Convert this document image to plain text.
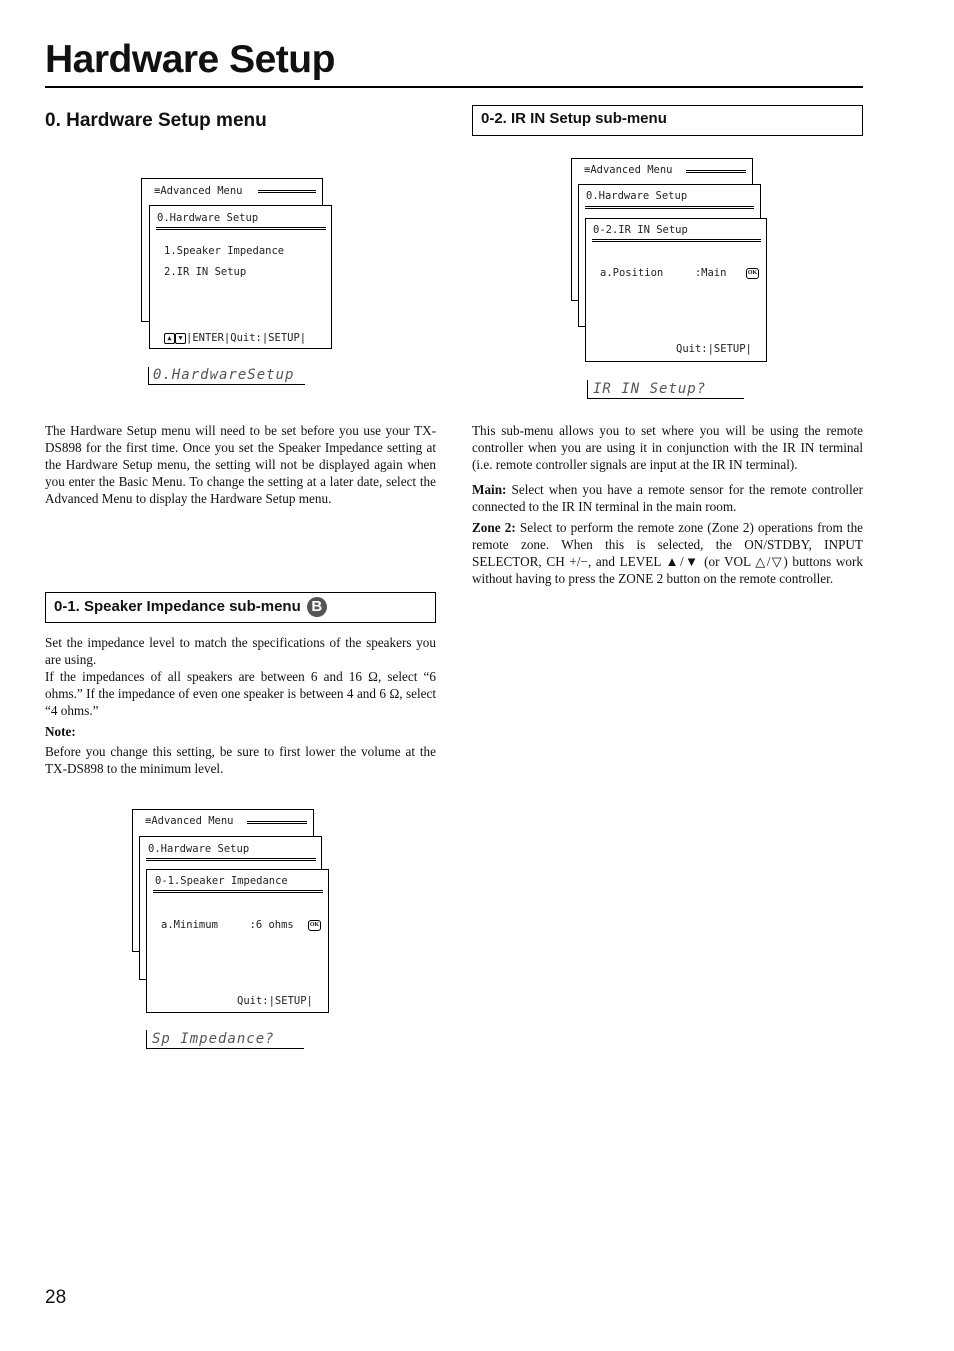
Hardware Setup
0. Hardware Setup menu
≡Advanced Menu
0.Hardware Setup
1.Speaker Impedance
2.IR IN Setup
▲ ▼ |ENTER|Quit:|SETUP|
0.HardwareSetup

The Hardware Setup menu will need to be set before you use your TX-DS898 for the first time. Once you set the Speaker Impedance setting at the Hardware Setup menu, the setting will not be displayed again when you enter the Basic Menu. To change the setting at a later date, select the Advanced Menu to display the Hardware Setup menu.

0-1. Speaker Impedance sub-menu B
Set the impedance level to match the specifications of the speakers you are using.

If the impedances of all speakers are between 6 and 16 Ω, select “6 ohms.” If the impedance of even one speaker is between 4 and 6 Ω, select “4 ohms.”

Note:

Before you change this setting, be sure to first lower the volume at the TX-DS898 to the minimum level.

≡Advanced Menu
0.Hardware Setup
0-1.Speaker Impedance
a.Minimum     :6 ohms	OK
Quit:|SETUP|
Sp Impedance?
0-2. IR IN Setup sub-menu
≡Advanced Menu
0.Hardware Setup
0-2.IR IN Setup
a.Position     :Main	OK
Quit:|SETUP|
IR IN Setup?

This sub-menu allows you to set where you will be using the remote controller when you are using it in conjunction with the IR IN terminal (i.e. remote controller signals are input at the IR IN terminal).

Main: Select when you have a remote sensor for the remote controller connected to the IR IN terminal in the main room.

Zone 2: Select to perform the remote zone (Zone 2) operations from the remote zone. When this is selected, the ON/STDBY, INPUT SELECTOR, CH +/−, and LEVEL ▲/▼ (or VOL △/▽) buttons work without having to press the ZONE 2 button on the remote controller.

28
